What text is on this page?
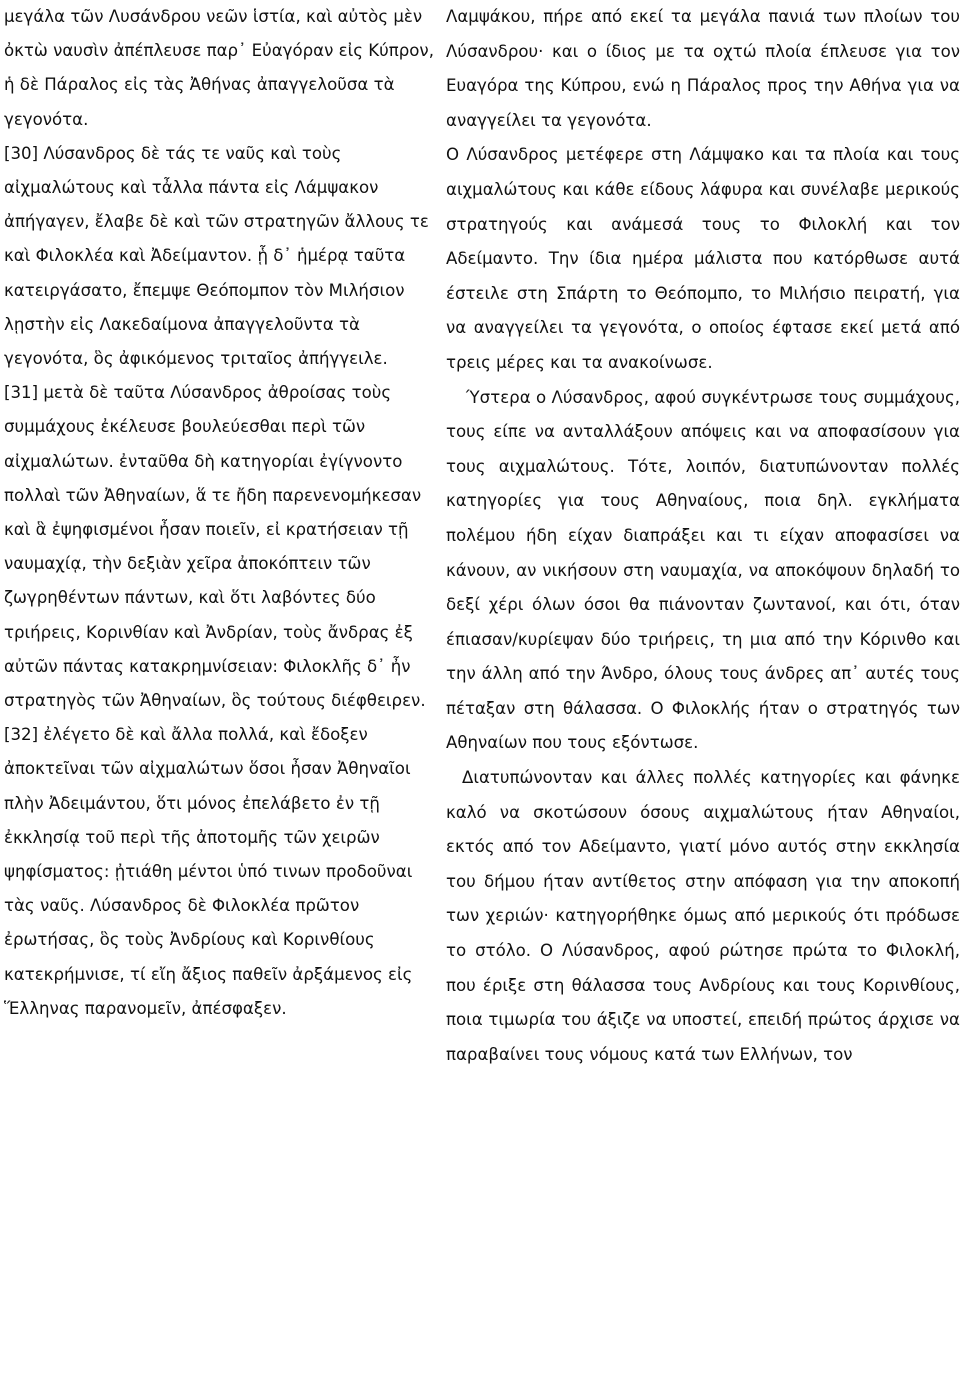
μεγάλα τῶν Λυσάνδρου νεῶν ἱστία, καὶ αὐτὸς μὲν ὀκτὼ ναυσὶν ἀπέπλευσε παρ᾽ Εὐαγόραν εἰς Κύπρον, ἡ δὲ Πάραλος εἰς τὰς Ἀθήνας ἀπαγγελοῦσα τὰ γεγονότα.

[30] Λύσανδρος δὲ τάς τε ναῦς καὶ τοὺς αἰχμαλώτους καὶ τἆλλα πάντα εἰς Λάμψακον ἀπήγαγεν, ἔλαβε δὲ καὶ τῶν στρατηγῶν ἄλλους τε καὶ Φιλοκλέα καὶ Ἀδείμαντον. ᾗ δ᾽ ἡμέρᾳ ταῦτα κατειργάσατο, ἔπεμψε Θεόπομπον τὸν Μιλήσιον λῃστὴν εἰς Λακεδαίμονα ἀπαγγελοῦντα τὰ γεγονότα, ὃς ἀφικόμενος τριταῖος ἀπήγγειλε.

[31] μετὰ δὲ ταῦτα Λύσανδρος ἀθροίσας τοὺς συμμάχους ἐκέλευσε βουλεύεσθαι περὶ τῶν αἰχμαλώτων. ἐνταῦθα δὴ κατηγορίαι ἐγίγνοντο πολλαὶ τῶν Ἀθηναίων, ἅ τε ἤδη παρενενομήκεσαν καὶ ἃ ἐψηφισμένοι ἦσαν ποιεῖν, εἰ κρατήσειαν τῇ ναυμαχίᾳ, τὴν δεξιὰν χεῖρα ἀποκόπτειν τῶν ζωγρηθέντων πάντων, καὶ ὅτι λαβόντες δύο τριήρεις, Κορινθίαν καὶ Ἀνδρίαν, τοὺς ἄνδρας ἐξ αὐτῶν πάντας κατακρημνίσειαν: Φιλοκλῆς δ᾽ ἦν στρατηγὸς τῶν Ἀθηναίων, ὃς τούτους διέφθειρεν.

[32] ἐλέγετο δὲ καὶ ἄλλα πολλά, καὶ ἔδοξεν ἀποκτεῖναι τῶν αἰχμαλώτων ὅσοι ἦσαν Ἀθηναῖοι πλὴν Ἀδειμάντου, ὅτι μόνος ἐπελάβετο ἐν τῇ ἐκκλησίᾳ τοῦ περὶ τῆς ἀποτομῆς τῶν χειρῶν ψηφίσματος: ᾐτιάθη μέντοι ὑπό τινων προδοῦναι τὰς ναῦς. Λύσανδρος δὲ Φιλοκλέα πρῶτον ἐρωτήσας, ὃς τοὺς Ἀνδρίους καὶ Κορινθίους κατεκρήμνισε, τί εἴη ἄξιος παθεῖν ἀρξάμενος εἰς Ἕλληνας παρανομεῖν, ἀπέσφαξεν.

Λαμψάκου, πήρε από εκεί τα μεγάλα πανιά των πλοίων του Λύσανδρου· και ο ίδιος με τα οχτώ πλοία έπλευσε για τον Ευαγόρα της Κύπρου, ενώ η Πάραλος προς την Αθήνα για να αναγγείλει τα γεγονότα.

Ο Λύσανδρος μετέφερε στη Λάμψακο και τα πλοία και τους αιχμαλώτους και κάθε είδους λάφυρα και συνέλαβε μερικούς στρατηγούς και ανάμεσά τους το Φιλοκλή και τον Αδείμαντο. Την ίδια ημέρα μάλιστα που κατόρθωσε αυτά έστειλε στη Σπάρτη το Θεόπομπο, το Μιλήσιο πειρατή, για να αναγγείλει τα γεγονότα, ο οποίος έφτασε εκεί μετά από τρεις μέρες και τα ανακοίνωσε.

Ύστερα ο Λύσανδρος, αφού συγκέντρωσε τους συμμάχους, τους είπε να ανταλλάξουν απόψεις και να αποφασίσουν για τους αιχμαλώτους. Τότε, λοιπόν, διατυπώνονταν πολλές κατηγορίες για τους Αθηναίους, ποια δηλ. εγκλήματα πολέμου ήδη είχαν διαπράξει και τι είχαν αποφασίσει να κάνουν, αν νικήσουν στη ναυμαχία, να αποκόψουν δηλαδή το δεξί χέρι όλων όσοι θα πιάνονταν ζωντανοί, και ότι, όταν έπιασαν/κυρίεψαν δύο τριήρεις, τη μια από την Κόρινθο και την άλλη από την Άνδρο, όλους τους άνδρες απ᾽ αυτές τους πέταξαν στη θάλασσα. Ο Φιλοκλής ήταν ο στρατηγός των Αθηναίων που τους εξόντωσε.

Διατυπώνονταν και άλλες πολλές κατηγορίες και φάνηκε καλό να σκοτώσουν όσους αιχμαλώτους ήταν Αθηναίοι, εκτός από τον Αδείμαντο, γιατί μόνο αυτός στην εκκλησία του δήμου ήταν αντίθετος στην απόφαση για την αποκοπή των χεριών· κατηγορήθηκε όμως από μερικούς ότι πρόδωσε το στόλο. Ο Λύσανδρος, αφού ρώτησε πρώτα το Φιλοκλή, που έριξε στη θάλασσα τους Ανδρίους και τους Κορινθίους, ποια τιμωρία του άξιζε να υποστεί, επειδή πρώτος άρχισε να παραβαίνει τους νόμους κατά των Ελλήνων, τον
